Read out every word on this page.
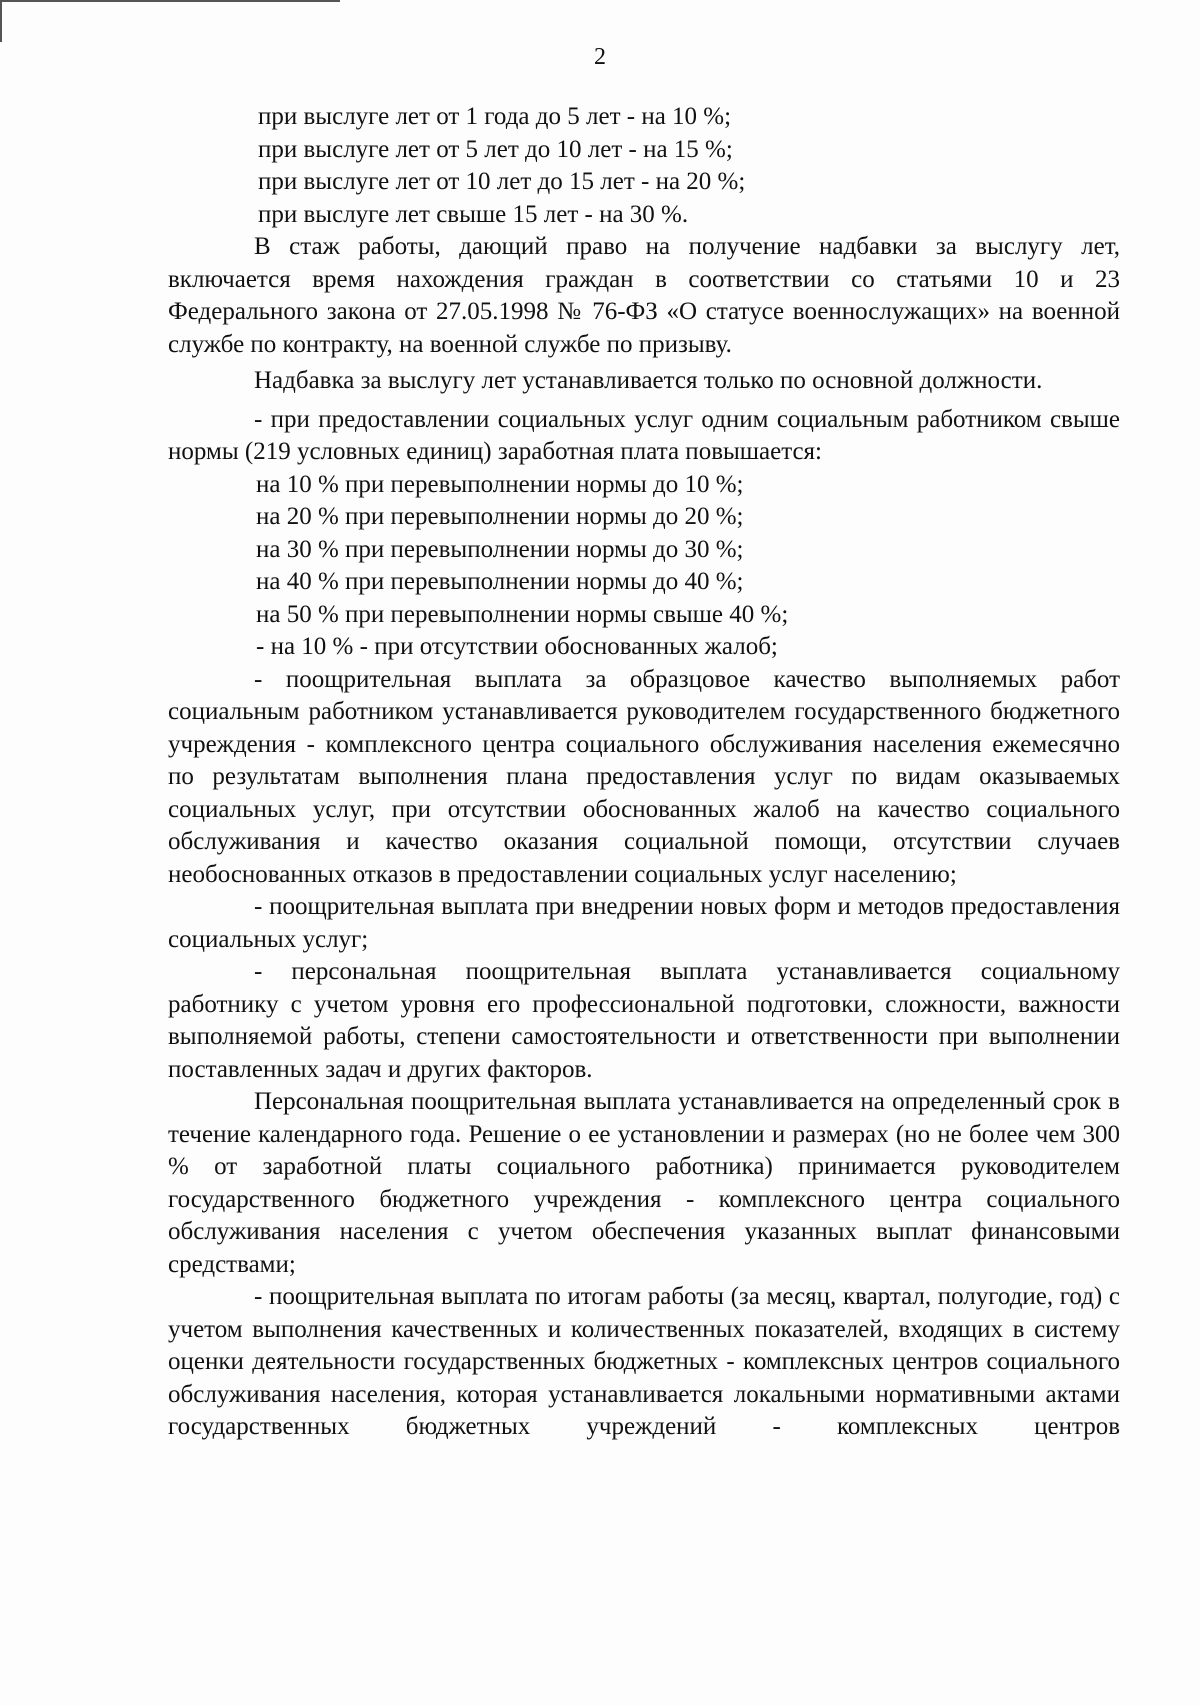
2

при выслуге лет от 1 года до 5 лет - на 10 %;

при выслуге лет от 5 лет до 10 лет - на 15 %;

при выслуге лет от 10 лет до 15 лет - на 20 %;

при выслуге лет свыше 15 лет - на 30 %.

В стаж работы, дающий право на получение надбавки за выслугу лет, включается время нахождения граждан в соответствии со статьями 10 и 23 Федерального закона от 27.05.1998 № 76-ФЗ «О статусе военнослужащих» на военной службе по контракту, на военной службе по призыву.

Надбавка за выслугу лет устанавливается только по основной должности.

- при предоставлении социальных услуг одним социальным работником свыше нормы (219 условных единиц) заработная плата повышается:

на 10 % при перевыполнении нормы до 10 %;

на 20 % при перевыполнении нормы до 20 %;

на 30 % при перевыполнении нормы до 30 %;

на 40 % при перевыполнении нормы до 40 %;

на 50 % при перевыполнении нормы свыше 40 %;

- на 10 % - при отсутствии обоснованных жалоб;

- поощрительная выплата за образцовое качество выполняемых работ социальным работником устанавливается руководителем государственного бюджетного учреждения - комплексного центра социального обслуживания населения ежемесячно по результатам выполнения плана предоставления услуг по видам оказываемых социальных услуг, при отсутствии обоснованных жалоб на качество социального обслуживания и качество оказания социальной помощи, отсутствии случаев необоснованных отказов в предоставлении социальных услуг населению;

- поощрительная выплата при внедрении новых форм и методов предоставления социальных услуг;

- персональная поощрительная выплата устанавливается социальному работнику с учетом уровня его профессиональной подготовки, сложности, важности выполняемой работы, степени самостоятельности и ответственности при выполнении поставленных задач и других факторов.

Персональная поощрительная выплата устанавливается на определенный срок в течение календарного года. Решение о ее установлении и размерах (но не более чем 300 % от заработной платы социального работника) принимается руководителем государственного бюджетного учреждения - комплексного центра социального обслуживания населения с учетом обеспечения указанных выплат финансовыми средствами;

- поощрительная выплата по итогам работы (за месяц, квартал, полугодие, год) с учетом выполнения качественных и количественных показателей, входящих в систему оценки деятельности государственных бюджетных - комплексных центров социального обслуживания населения, которая устанавливается локальными нормативными актами государственных бюджетных учреждений - комплексных центров
